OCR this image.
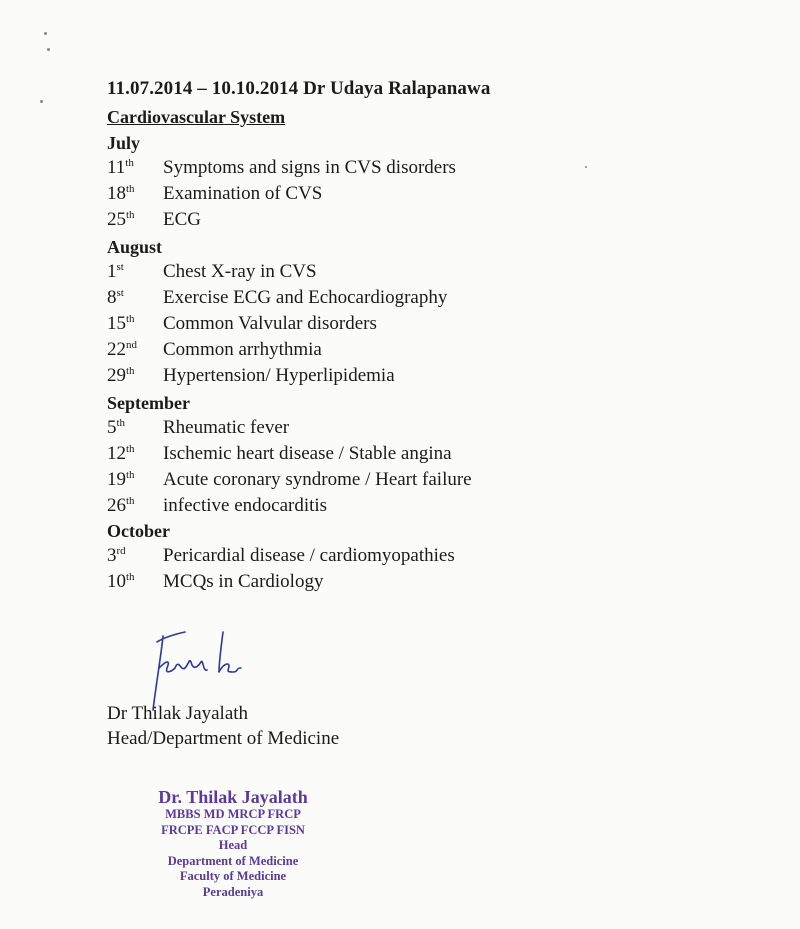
11.07.2014 – 10.10.2014 Dr Udaya Ralapanawa
Cardiovascular System
July
11th Symptoms and signs in CVS disorders
18th Examination of CVS
25th ECG
August
1st Chest X-ray in CVS
8st Exercise ECG and Echocardiography
15th Common Valvular disorders
22nd Common arrhythmia
29th Hypertension/ Hyperlipidemia
September
5th Rheumatic fever
12th Ischemic heart disease / Stable angina
19th Acute coronary syndrome / Heart failure
26th infective endocarditis
October
3rd Pericardial disease / cardiomyopathies
10th MCQs in Cardiology
Dr Thilak Jayalath
Head/Department of Medicine
Dr. Thilak Jayalath
MBBS MD MRCP FRCP
FRCPE FACP FCCP FISN
Head
Department of Medicine
Faculty of Medicine
Peradeniya
